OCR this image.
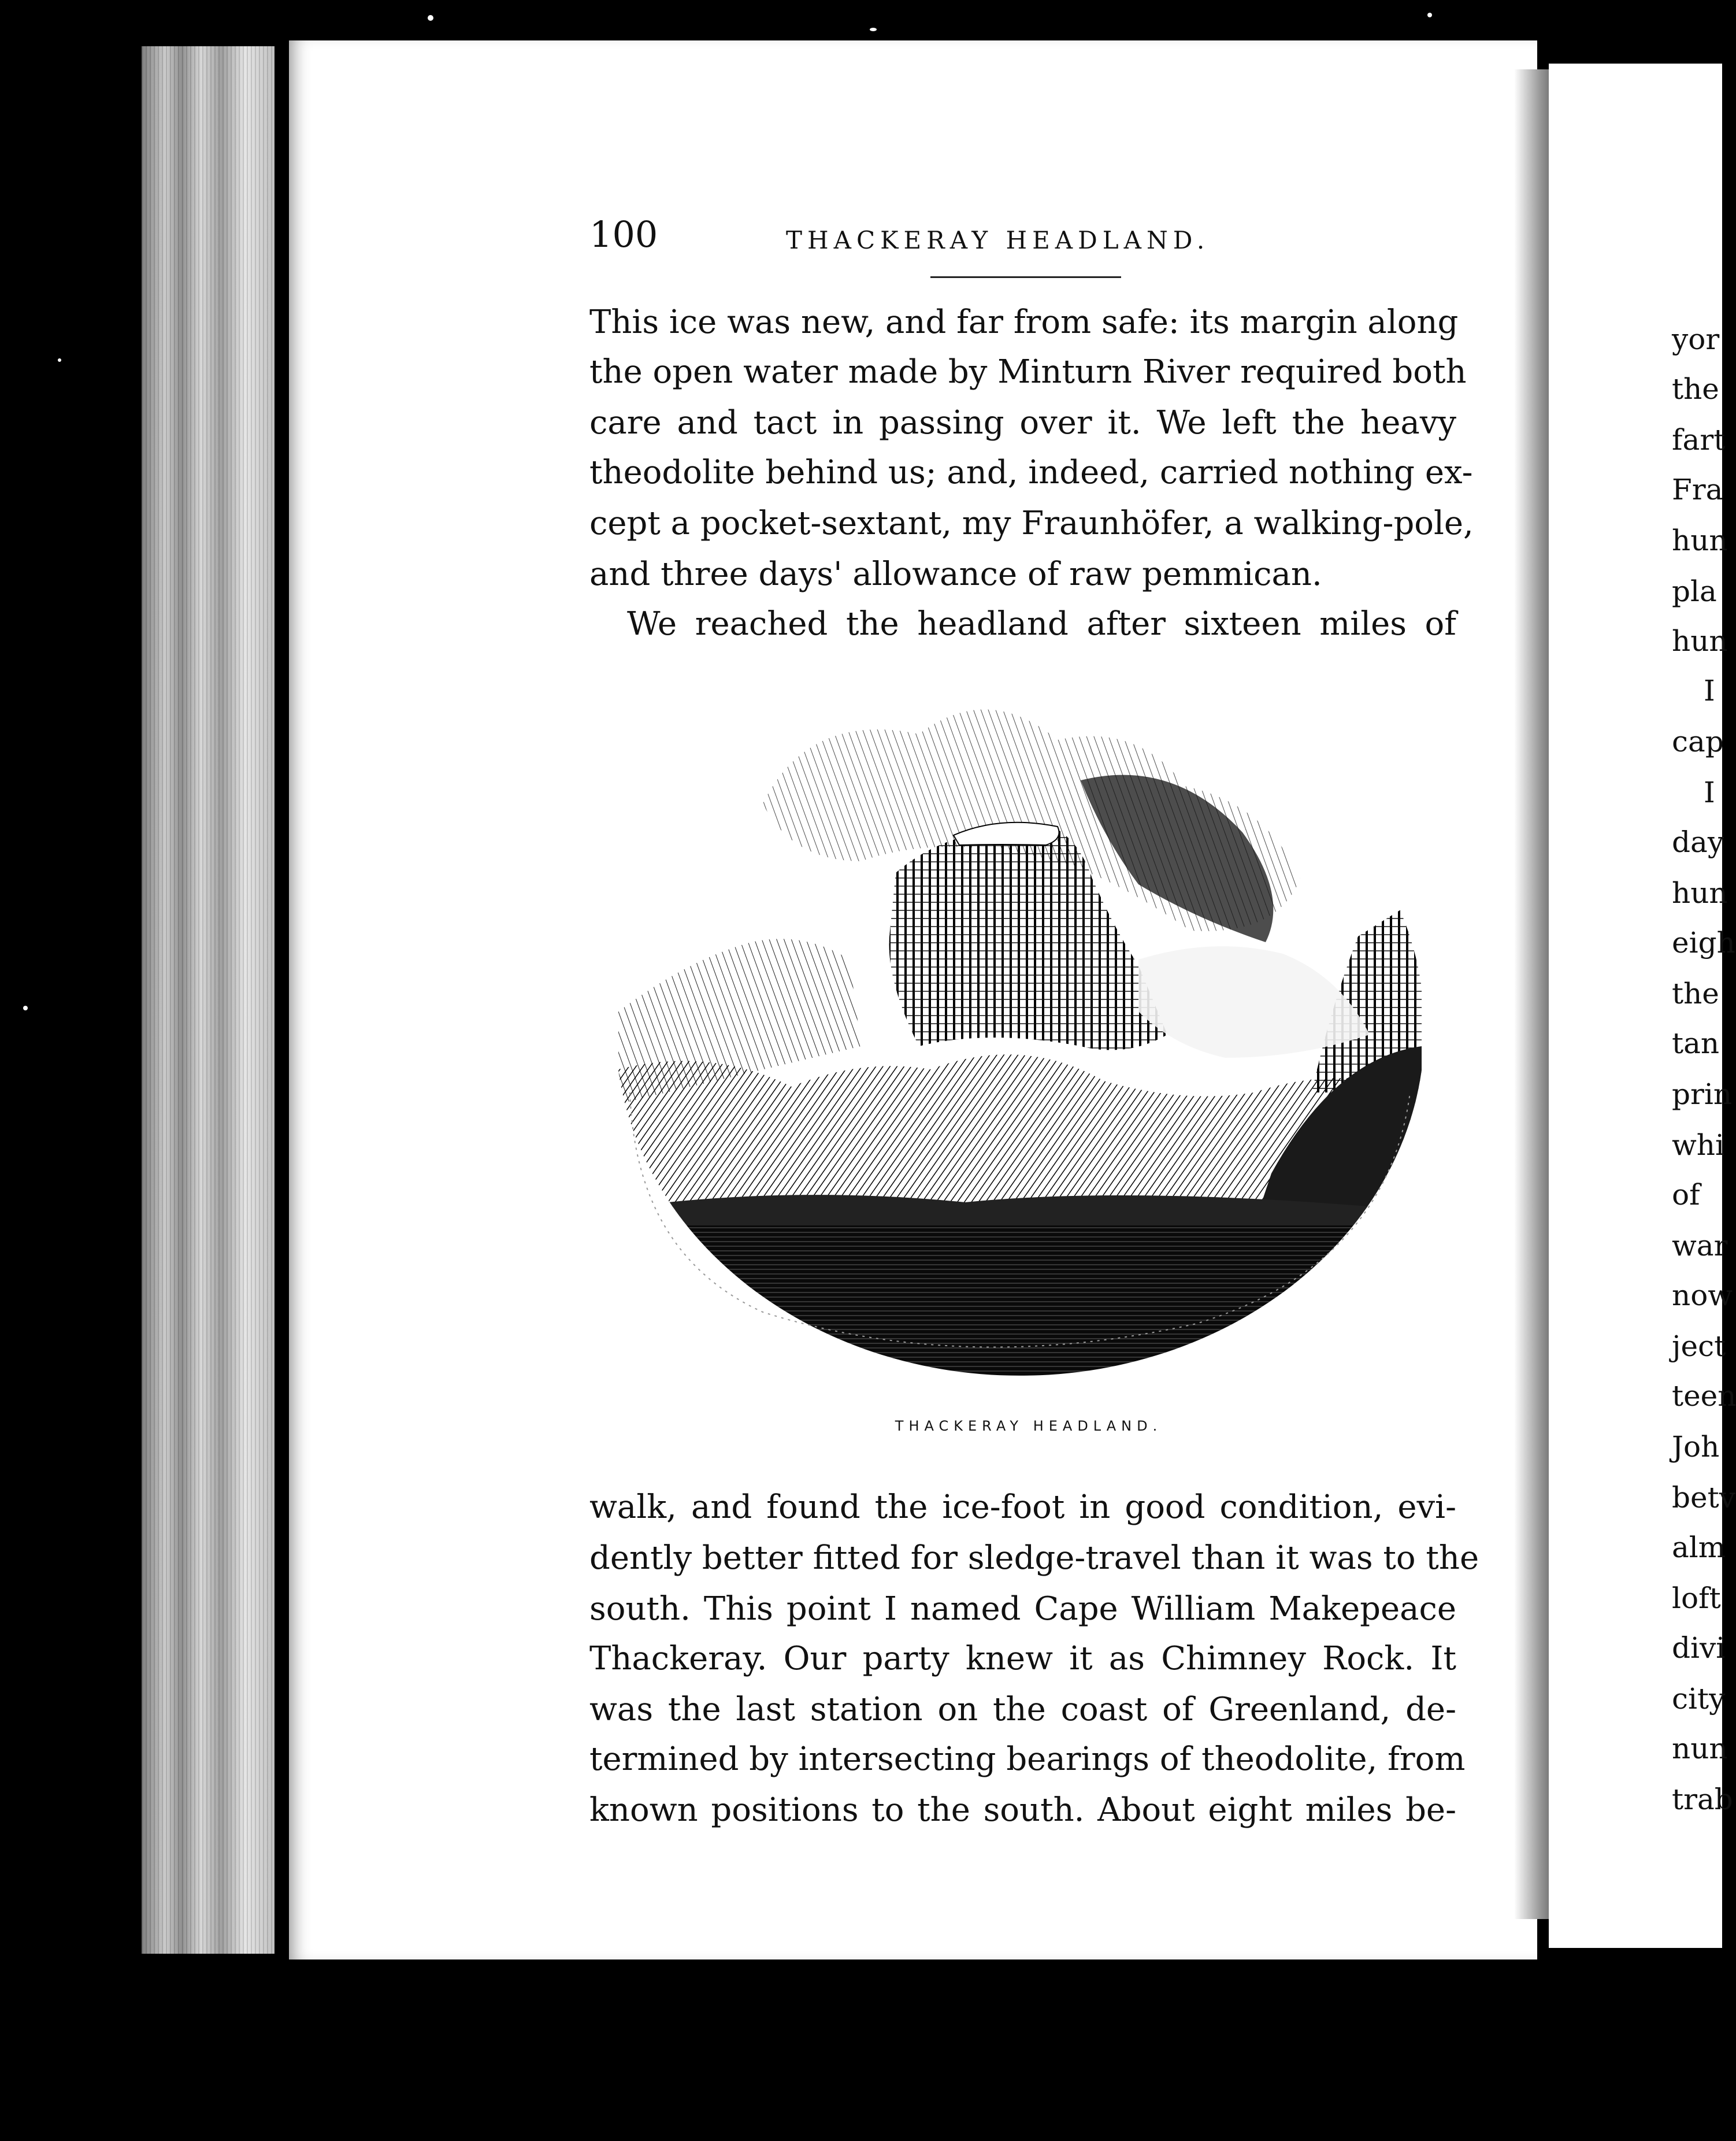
yor
the
fart
Fra
hun
pla
hun
I
cap
I
day
hun
eigh
the
tan
prin
whi
of
war
now
ject
teen
Joh
betv
alm
loft
divi
city
nun
trab
100	THACKERAY HEADLAND.
This ice was new, and far from safe: its margin along
the open water made by Minturn River required both
care and tact in passing over it. We left the heavy
theodolite behind us; and, indeed, carried nothing ex-
cept a pocket-sextant, my Fraunhöfer, a walking-pole,
and three days' allowance of raw pemmican.
We reached the headland after sixteen miles of
THACKERAY HEADLAND.
walk, and found the ice-foot in good condition, evi-
dently better fitted for sledge-travel than it was to the
south. This point I named Cape William Makepeace
Thackeray. Our party knew it as Chimney Rock. It
was the last station on the coast of Greenland, de-
termined by intersecting bearings of theodolite, from
known positions to the south. About eight miles be-
